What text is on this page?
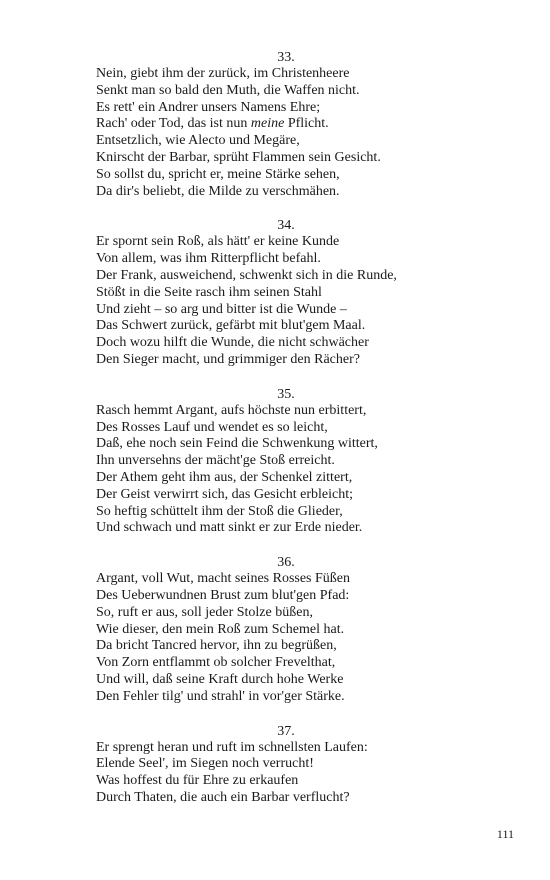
33.
Nein, giebt ihm der zurück, im Christenheere
Senkt man so bald den Muth, die Waffen nicht.
Es rett' ein Andrer unsers Namens Ehre;
Rach' oder Tod, das ist nun meine Pflicht.
Entsetzlich, wie Alecto und Megäre,
Knirscht der Barbar, sprüht Flammen sein Gesicht.
So sollst du, spricht er, meine Stärke sehen,
Da dir's beliebt, die Milde zu verschmähen.
34.
Er spornt sein Roß, als hätt' er keine Kunde
Von allem, was ihm Ritterpflicht befahl.
Der Frank, ausweichend, schwenkt sich in die Runde,
Stößt in die Seite rasch ihm seinen Stahl
Und zieht – so arg und bitter ist die Wunde –
Das Schwert zurück, gefärbt mit blut'gem Maal.
Doch wozu hilft die Wunde, die nicht schwächer
Den Sieger macht, und grimmiger den Rächer?
35.
Rasch hemmt Argant, aufs höchste nun erbittert,
Des Rosses Lauf und wendet es so leicht,
Daß, ehe noch sein Feind die Schwenkung wittert,
Ihn unversehns der mächt'ge Stoß erreicht.
Der Athem geht ihm aus, der Schenkel zittert,
Der Geist verwirrt sich, das Gesicht erbleicht;
So heftig schüttelt ihm der Stoß die Glieder,
Und schwach und matt sinkt er zur Erde nieder.
36.
Argant, voll Wut, macht seines Rosses Füßen
Des Ueberwundnen Brust zum blut'gen Pfad:
So, ruft er aus, soll jeder Stolze büßen,
Wie dieser, den mein Roß zum Schemel hat.
Da bricht Tancred hervor, ihn zu begrüßen,
Von Zorn entflammt ob solcher Frevelthat,
Und will, daß seine Kraft durch hohe Werke
Den Fehler tilg' und strahl' in vor'ger Stärke.
37.
Er sprengt heran und ruft im schnellsten Laufen:
Elende Seel', im Siegen noch verrucht!
Was hoffest du für Ehre zu erkaufen
Durch Thaten, die auch ein Barbar verflucht?
111
